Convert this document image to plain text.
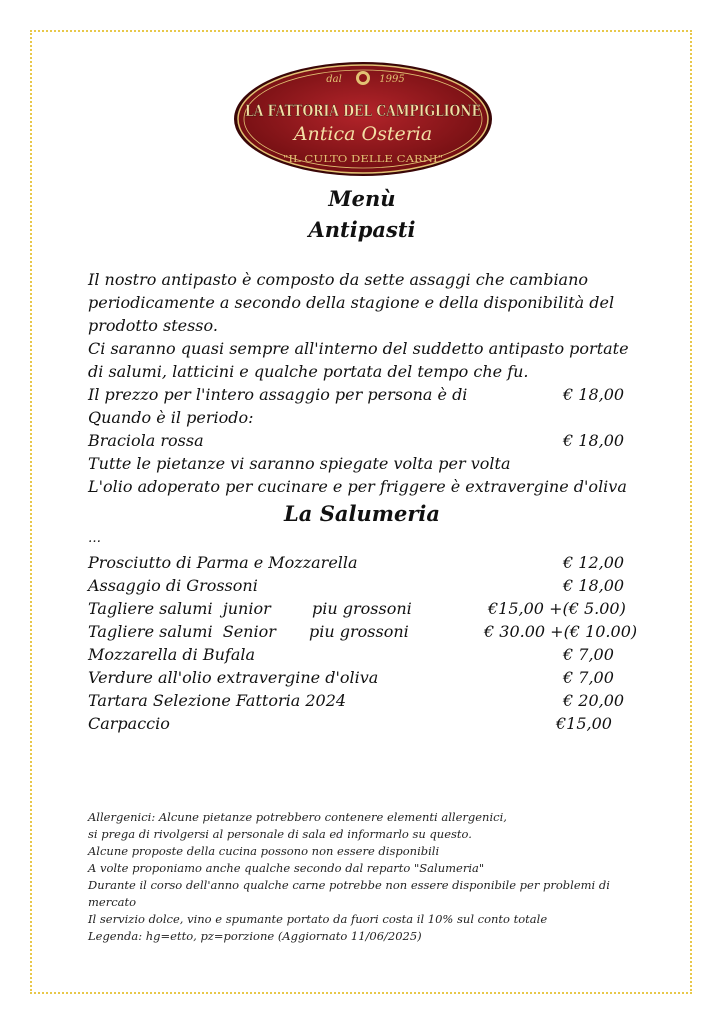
dal	1995
LA FATTORIA DEL CAMPIGLIONE
Antica Osteria
"IL CULTO DELLE CARNI"
Menù
Antipasti
Il nostro antipasto è composto da sette assaggi che cambiano
periodicamente a secondo della stagione e della disponibilità del
prodotto stesso.
Ci saranno quasi sempre all'interno del suddetto antipasto portate
di salumi, latticini e qualche portata del tempo che fu.
Il prezzo per l'intero assaggio per persona è di	€ 18,00
Quando è il periodo:
Braciola rossa	€ 18,00
Tutte le pietanze vi saranno spiegate volta per volta
L'olio adoperato per cucinare e per friggere è extravergine d'oliva
La Salumeria
…
Prosciutto di Parma e Mozzarella	€ 12,00
Assaggio di Grossoni	€ 18,00
Tagliere salumi  junior	piu grossoni	€15,00 +(€ 5.00)
Tagliere salumi  Senior piu grossoni	€ 30.00 +(€ 10.00)
Mozzarella di Bufala	€ 7,00
Verdure all'olio extravergine d'oliva	€ 7,00
Tartara Selezione Fattoria 2024	€ 20,00
Carpaccio	€15,00
Allergenici: Alcune pietanze potrebbero contenere elementi allergenici,
si prega di rivolgersi al personale di sala ed informarlo su questo.
Alcune proposte della cucina possono non essere disponibili
A volte proponiamo anche qualche secondo dal reparto "Salumeria"
Durante il corso dell'anno qualche carne potrebbe non essere disponibile per problemi di
mercato
Il servizio dolce, vino e spumante portato da fuori costa il 10% sul conto totale
Legenda: hg=etto, pz=porzione (Aggiornato 11/06/2025)
